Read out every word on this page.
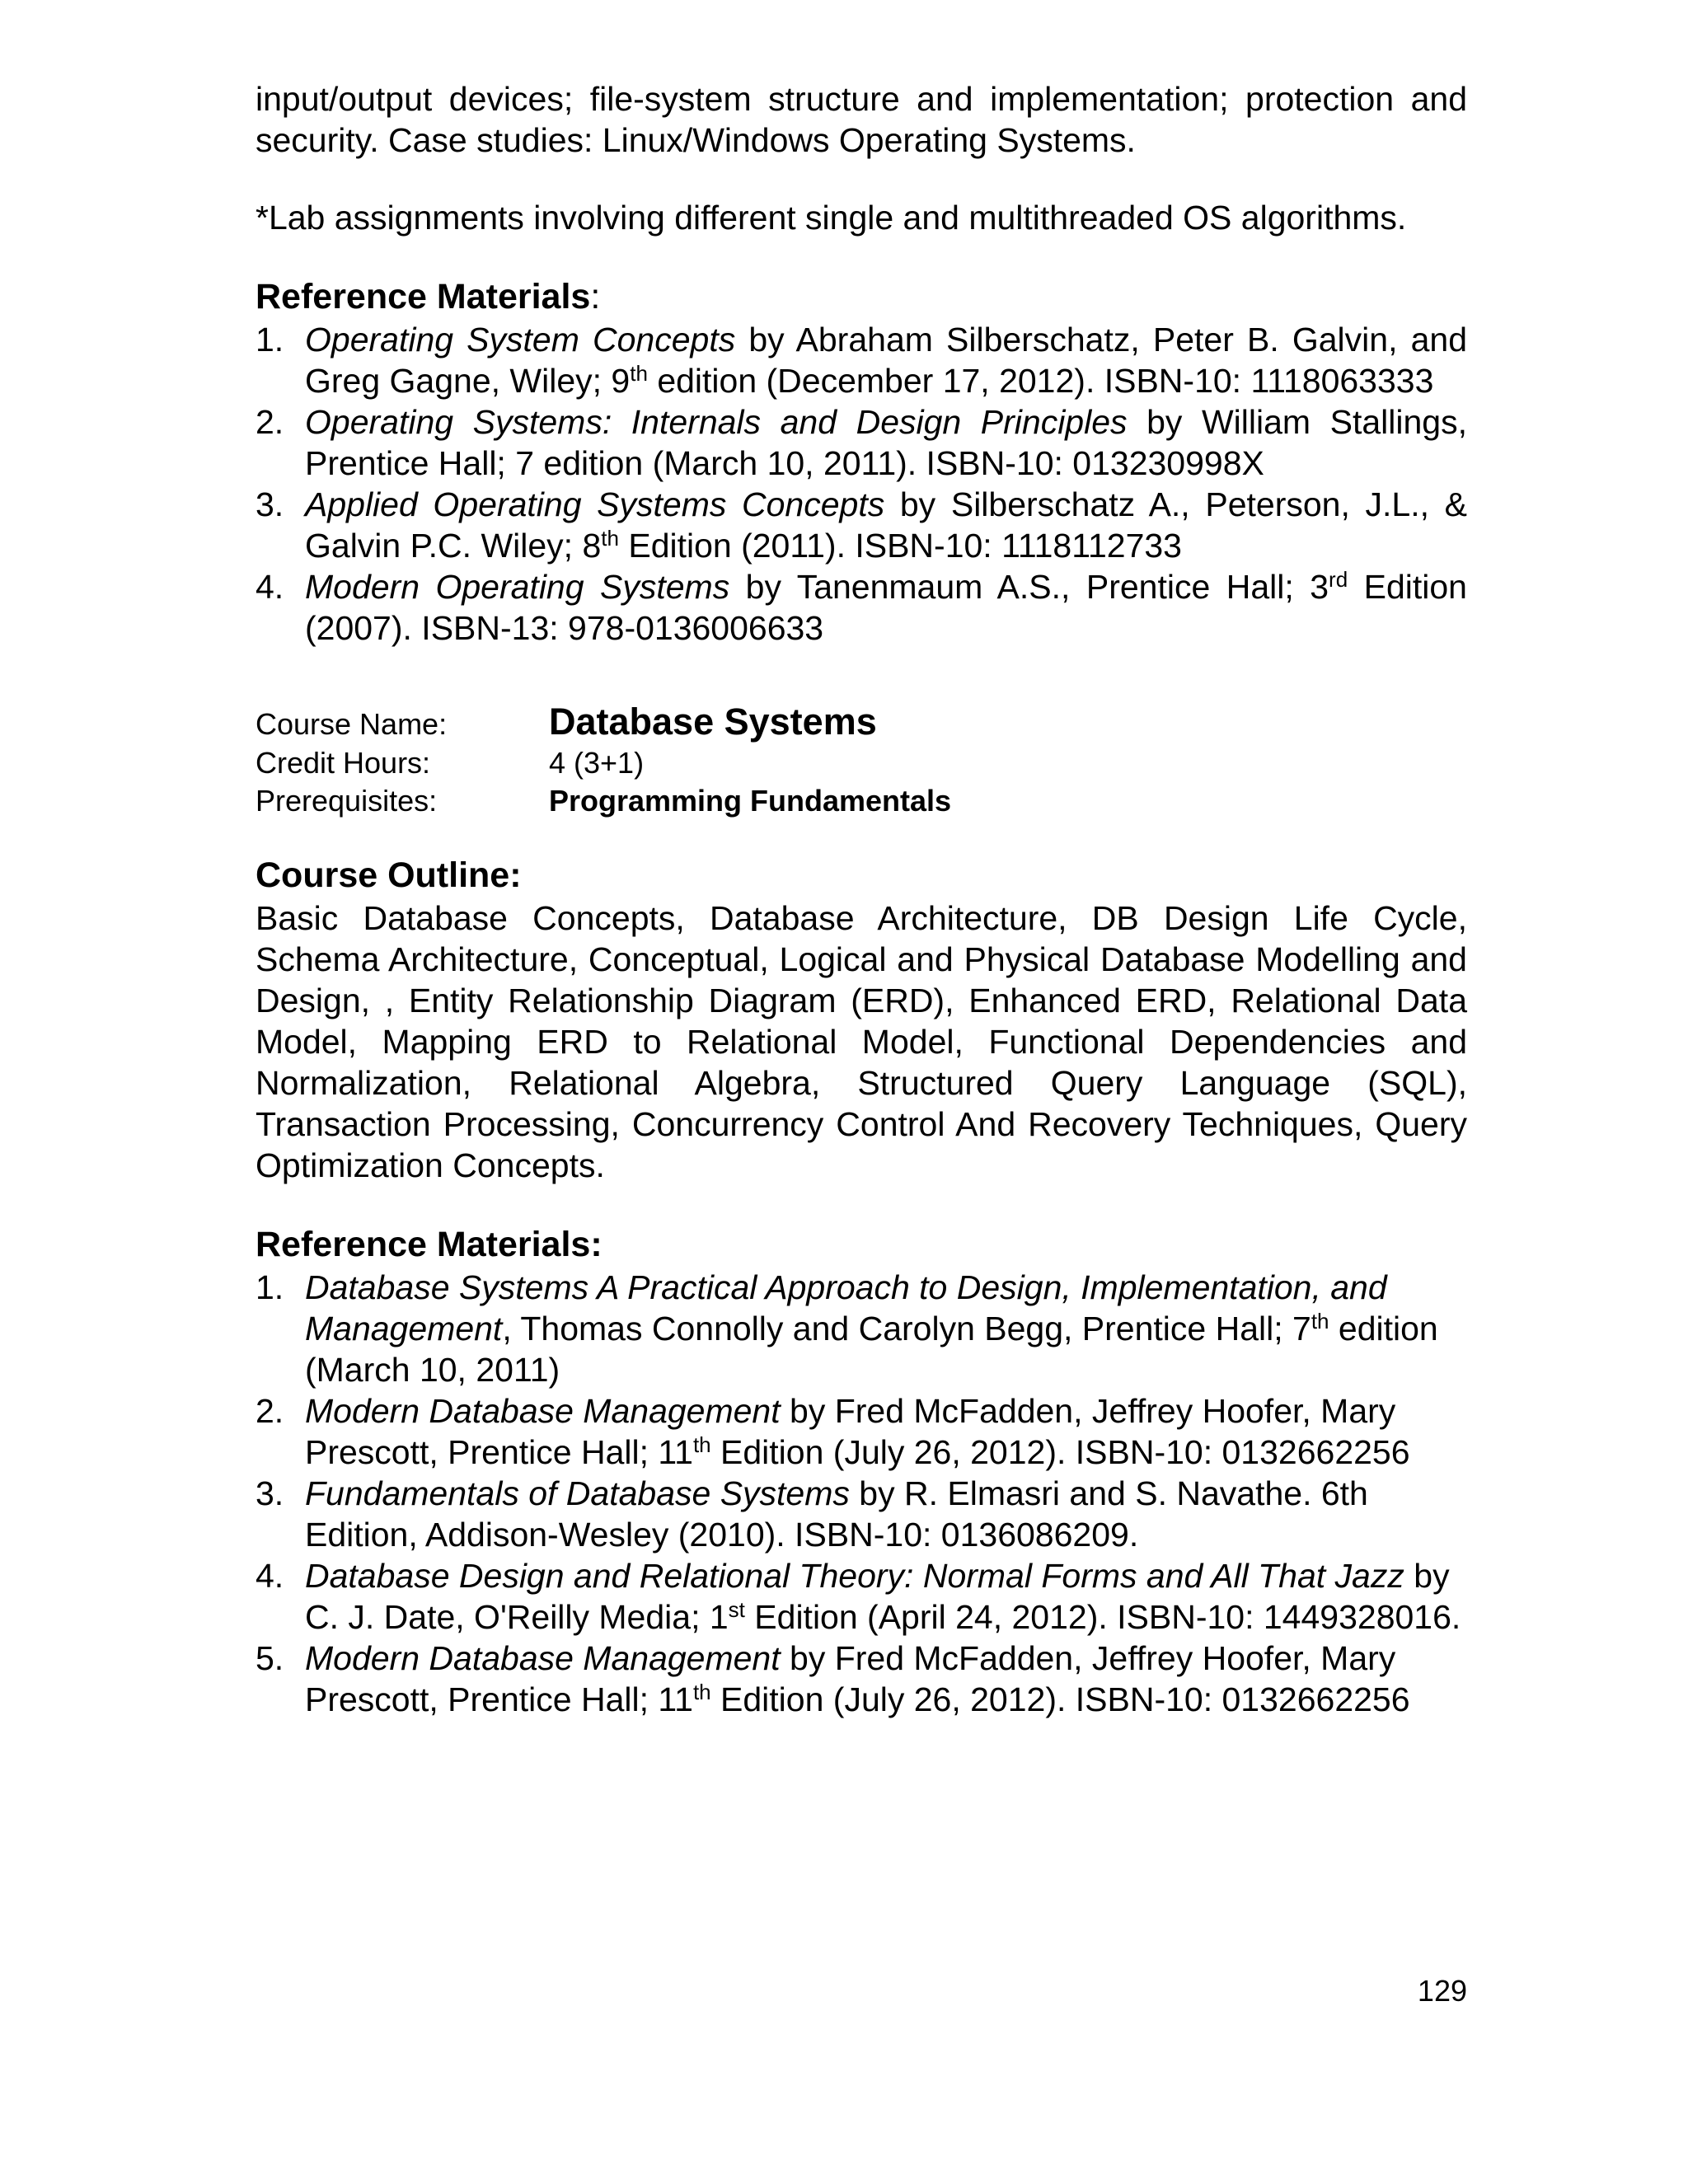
input/output devices; file-system structure and implementation; protection and security. Case studies: Linux/Windows Operating Systems.

*Lab assignments involving different single and multithreaded OS algorithms.

Reference Materials:
1. Operating System Concepts by Abraham Silberschatz, Peter B. Galvin, and Greg Gagne, Wiley; 9th edition (December 17, 2012). ISBN-10: 1118063333
2. Operating Systems: Internals and Design Principles by William Stallings, Prentice Hall; 7 edition (March 10, 2011). ISBN-10: 013230998X
3. Applied Operating Systems Concepts by Silberschatz A., Peterson, J.L., & Galvin P.C. Wiley; 8th Edition (2011). ISBN-10: 1118112733
4. Modern Operating Systems by Tanenmaum A.S., Prentice Hall; 3rd Edition (2007). ISBN-13: 978-0136006633
Course Name:	Database Systems
Credit Hours:	4 (3+1)
Prerequisites:	Programming Fundamentals
Course Outline:

Basic Database Concepts, Database Architecture, DB Design Life Cycle, Schema Architecture, Conceptual, Logical and Physical Database Modelling and Design, , Entity Relationship Diagram (ERD), Enhanced ERD, Relational Data Model, Mapping ERD to Relational Model, Functional Dependencies and Normalization, Relational Algebra, Structured Query Language (SQL), Transaction Processing, Concurrency Control And Recovery Techniques, Query Optimization Concepts.

Reference Materials:
1. Database Systems A Practical Approach to Design, Implementation, and Management, Thomas Connolly and Carolyn Begg, Prentice Hall; 7th edition (March 10, 2011)
2. Modern Database Management by Fred McFadden, Jeffrey Hoofer, Mary Prescott, Prentice Hall; 11th Edition (July 26, 2012). ISBN-10: 0132662256
3. Fundamentals of Database Systems by R. Elmasri and S. Navathe. 6th Edition, Addison-Wesley (2010). ISBN-10: 0136086209.
4. Database Design and Relational Theory: Normal Forms and All That Jazz by C. J. Date, O'Reilly Media; 1st Edition (April 24, 2012). ISBN-10: 1449328016.
5. Modern Database Management by Fred McFadden, Jeffrey Hoofer, Mary Prescott, Prentice Hall; 11th Edition (July 26, 2012). ISBN-10: 0132662256
129
